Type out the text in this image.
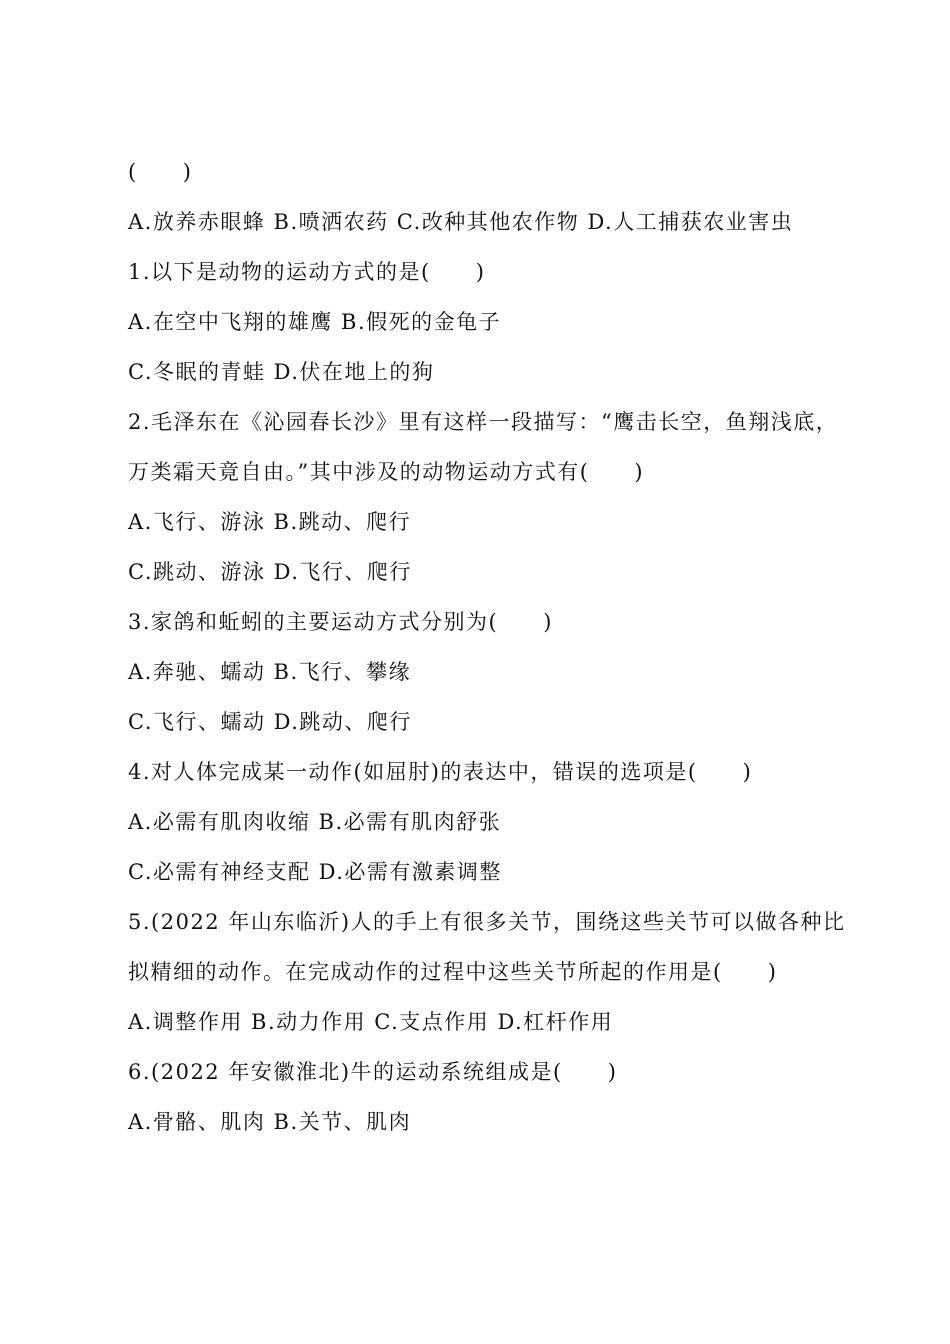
(　　)
A.放养赤眼蜂 B.喷洒农药 C.改种其他农作物 D.人工捕获农业害虫
1.以下是动物的运动方式的是(　　)
A.在空中飞翔的雄鹰 B.假死的金龟子
C.冬眠的青蛙 D.伏在地上的狗
2.毛泽东在《沁园春长沙》里有这样一段描写：“鹰击长空，鱼翔浅底，
万类霜天竟自由。”其中涉及的动物运动方式有(　　)
A.飞行、游泳 B.跳动、爬行
C.跳动、游泳 D.飞行、爬行
3.家鸽和蚯蚓的主要运动方式分别为(　　)
A.奔驰、蠕动 B.飞行、攀缘
C.飞行、蠕动 D.跳动、爬行
4.对人体完成某一动作(如屈肘)的表达中，错误的选项是(　　)
A.必需有肌肉收缩 B.必需有肌肉舒张
C.必需有神经支配 D.必需有激素调整
5.(2022 年山东临沂)人的手上有很多关节，围绕这些关节可以做各种比
拟精细的动作。在完成动作的过程中这些关节所起的作用是(　　)
A.调整作用 B.动力作用 C.支点作用 D.杠杆作用
6.(2022 年安徽淮北)牛的运动系统组成是(　　)
A.骨骼、肌肉 B.关节、肌肉
